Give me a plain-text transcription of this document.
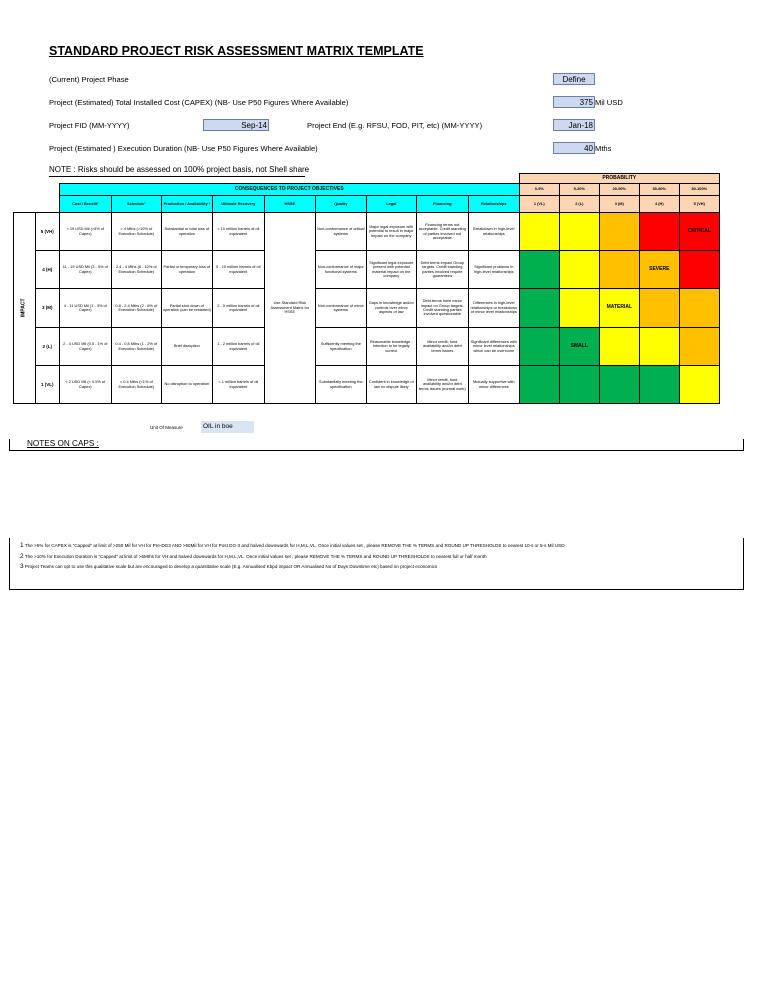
STANDARD PROJECT RISK ASSESSMENT MATRIX TEMPLATE
(Current) Project Phase	Define
Project (Estimated) Total Installed Cost (CAPEX) (NB- Use P50 Figures Where Available)	375 Mil USD
Project FID (MM-YYYY)	Sep-14	Project End (E.g. RFSU, FOD, PIT, etc) (MM-YYYY)	Jan-18
Project (Estimated ) Execution Duration (NB- Use P50 Figures Where Available)	40 Mths
NOTE : Risks should be assessed on 100% project basis, not Shell share
											PROBABILITY				
		CONSEQUENCES TO PROJECT OBJECTIVES									0-5%	5-20%	20-50%	50-80%	80-100%
		Cost / Benefit¹	Schedule²	Production / Availability ³	Ultimate Recovery	HSSE	Quality	Legal	Financing	Relationships	1 (VL)	2 (L)	3 (M)	4 (H)	5 (VH)

IMPACT	5 (VH)	> 19 USD Mil (>5% of Capex)	> 4 Mths (>10% of Execution Schedule)	Substantial or total loss of operation	> 10 million barrels of oil equivalent	Use Standard Risk Assessment Matrix for HSSE	Non-conformance of critical systems	Major legal exposure with potential to result in major impact on the company	Financing terms not acceptable. Credit standing of parties involved not acceptable	Breakdown in high-level relationships					CRITICAL
	4 (H)	11 - 19 USD Mil (3 - 5% of Capex)	2.4 - 4 Mths (6 - 10% of Execution Schedule)	Partial or temporary loss of operation	5 - 10 million barrels of oil equivalent		Non-conformance of major functional systems	Significant legal exposure present with potential material impact on the company	Debt terms impact Group targets. Credit standing parties involved require guarantees	Significant problems in high-level relationships				SEVERE	
	3 (M)	4 - 11 USD Mil (1 - 3% of Capex)	0.8 - 2.4 Mths (2 - 6% of Execution Schedule)	Partial shut down of operation (can be restarted)	2 - 5 million barrels of oil equivalent		Non-conformance of minor systems	Gaps in knowledge and/or controls over minor aspects of law	Debt terms have minor impact on Group targets. Credit standing parties involved questionable	Differences in high-level relationships or breakdown of minor level relationships			MATERIAL		
	2 (L)	2 - 4 USD Mil (0.5 - 1% of Capex)	0.4 - 0.8 Mths (1 - 2% of Execution Schedule)	Brief disruption	1 - 2 million barrels of oil equivalent		Sufficiently meeting the specification	Reasonable knowledge - intention to be legally correct	Minor credit, fund availability and/or debt terms issues	Significant differences with minor level relationships which can be overcome		SMALL			
	1 (VL)	< 2 USD Mil (< 0.5% of Capex)	< 0.4 Mths (<1% of Execution Schedule)	No disruption to operation	< 1 million barrels of oil equivalent		Substantially meeting the specification	Confident in knowledge of law no dispute likely	Minor credit, fund availability and/or debt terms issues (normal work)	Mutually supportive with minor differences					
Unit Of Measure	OIL in boe
NOTES ON CAPS :
1 The >5% for CAPEX is "Capped" at limit of >250 Mil for VH for Pre-DG3 AND >50Mil for VH for Post DG-3 and halved downwards for H,M,L,VL. Once initial values set , please REMOVE THE % TERMS and ROUND UP THRESHOLDS to nearest 10-s or 5-s Mil USD
2 The >10% for Execution Duration is "Capped" at limit of >6Mths for VH and halved downwards for H,M,L,VL. Once initial values set , please REMOVE THE % TERMS and ROUND UP THRESHOLDS to nearest full or half month
3 Project Teams can opt to use this qualitative scale but are encouraged to develop a quantitative scale (E.g. Annualised Kbpd impact OR Annualised No of Days Downtime etc) based on project economics
